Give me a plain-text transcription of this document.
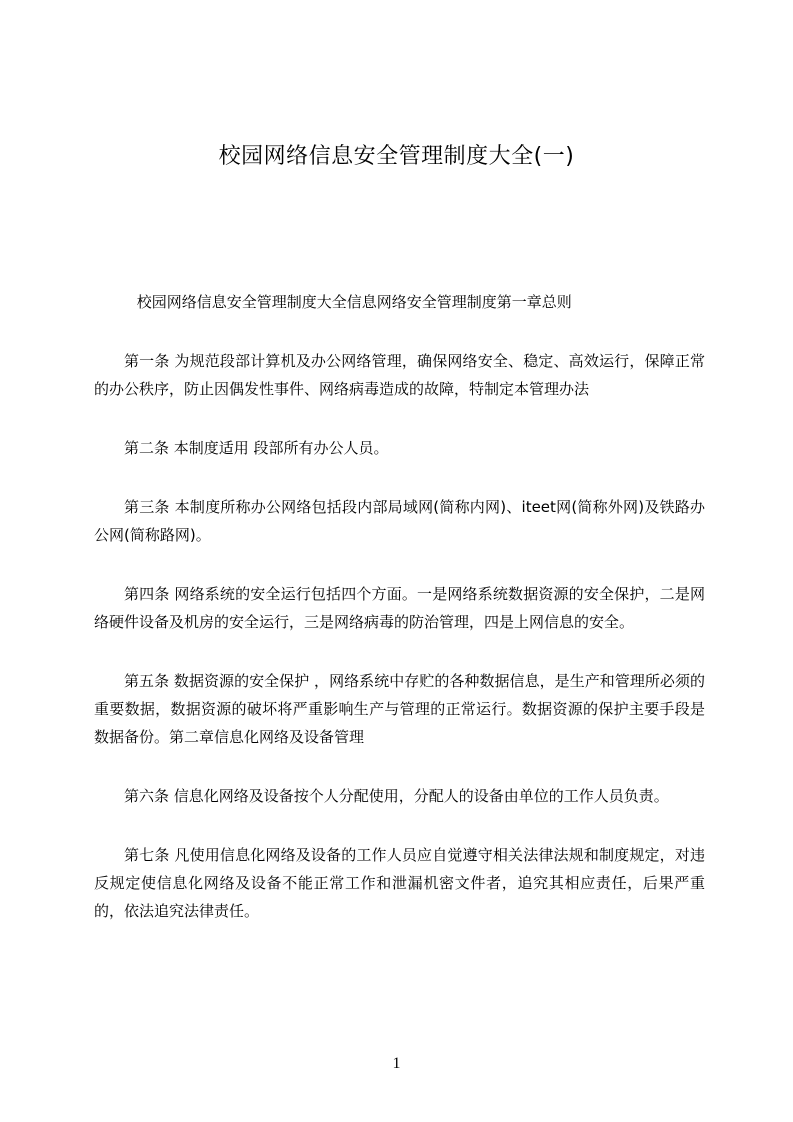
校园网络信息安全管理制度大全(一)

校园网络信息安全管理制度大全信息网络安全管理制度第一章总则

第一条 为规范段部计算机及办公网络管理，确保网络安全、稳定、高效运行，保障正常的办公秩序，防止因偶发性事件、网络病毒造成的故障，特制定本管理办法

第二条 本制度适用 段部所有办公人员。

第三条 本制度所称办公网络包括段内部局域网(简称内网)、iteet网(简称外网)及铁路办公网(简称路网)。

第四条 网络系统的安全运行包括四个方面。一是网络系统数据资源的安全保护，二是网络硬件设备及机房的安全运行，三是网络病毒的防治管理，四是上网信息的安全。

第五条 数据资源的安全保护 ，网络系统中存贮的各种数据信息，是生产和管理所必须的重要数据，数据资源的破坏将严重影响生产与管理的正常运行。数据资源的保护主要手段是数据备份。第二章信息化网络及设备管理

第六条 信息化网络及设备按个人分配使用，分配人的设备由单位的工作人员负责。

第七条 凡使用信息化网络及设备的工作人员应自觉遵守相关法律法规和制度规定，对违反规定使信息化网络及设备不能正常工作和泄漏机密文件者，追究其相应责任，后果严重的，依法追究法律责任。

1
